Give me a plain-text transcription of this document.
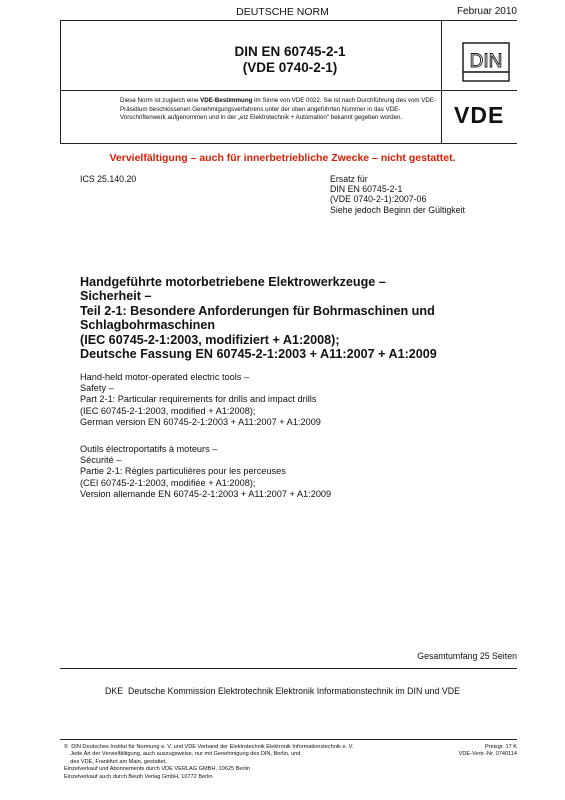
DEUTSCHE NORM	Februar 2010
DIN EN 60745-2-1
(VDE 0740-2-1)	DIN
Diese Norm ist zugleich eine VDE-Bestimmung im Sinne von VDE 0022. Sie ist nach Durchführung des vom VDE-Präsidium beschlossenen Genehmigungsverfahrens unter der oben angeführten Nummer in das VDE-Vorschriftenwerk aufgenommen und in der „etz Elektrotechnik + Automation“ bekannt gegeben worden.	VDE
Vervielfältigung – auch für innerbetriebliche Zwecke – nicht gestattet.
ICS 25.140.20	Ersatz für
DIN EN 60745-2-1
(VDE 0740-2-1):2007-06
Siehe jedoch Beginn der Gültigkeit
Handgeführte motorbetriebene Elektrowerkzeuge –
Sicherheit –
Teil 2-1: Besondere Anforderungen für Bohrmaschinen und
Schlagbohrmaschinen
(IEC 60745-2-1:2003, modifiziert + A1:2008);
Deutsche Fassung EN 60745-2-1:2003 + A11:2007 + A1:2009
Hand-held motor-operated electric tools –
Safety –
Part 2-1: Particular requirements for drills and impact drills
(IEC 60745-2-1:2003, modified + A1:2008);
German version EN 60745-2-1:2003 + A11:2007 + A1:2009
Outils électroportatifs à moteurs –
Sécurité –
Partie 2-1: Règles particulières pour les perceuses
(CEI 60745-2-1:2003, modifiée + A1:2008);
Version allemande EN 60745-2-1:2003 + A11:2007 + A1:2009
Gesamtumfang 25 Seiten
DKE  Deutsche Kommission Elektrotechnik Elektronik Informationstechnik im DIN und VDE
©  DIN Deutsches Institut für Normung e. V. und VDE Verband der Elektrotechnik Elektronik Informationstechnik e. V.
Jede Art der Vervielfältigung, auch auszugsweise, nur mit Genehmigung des DIN, Berlin, und
des VDE, Frankfurt am Main, gestattet.
Einzelverkauf und Abonnements durch VDE VERLAG GMBH, 10625 Berlin
Einzelverkauf auch durch Beuth Verlag GmbH, 10772 Berlin
Preisgr. 17 K
VDE-Vertr.-Nr. 0740114
